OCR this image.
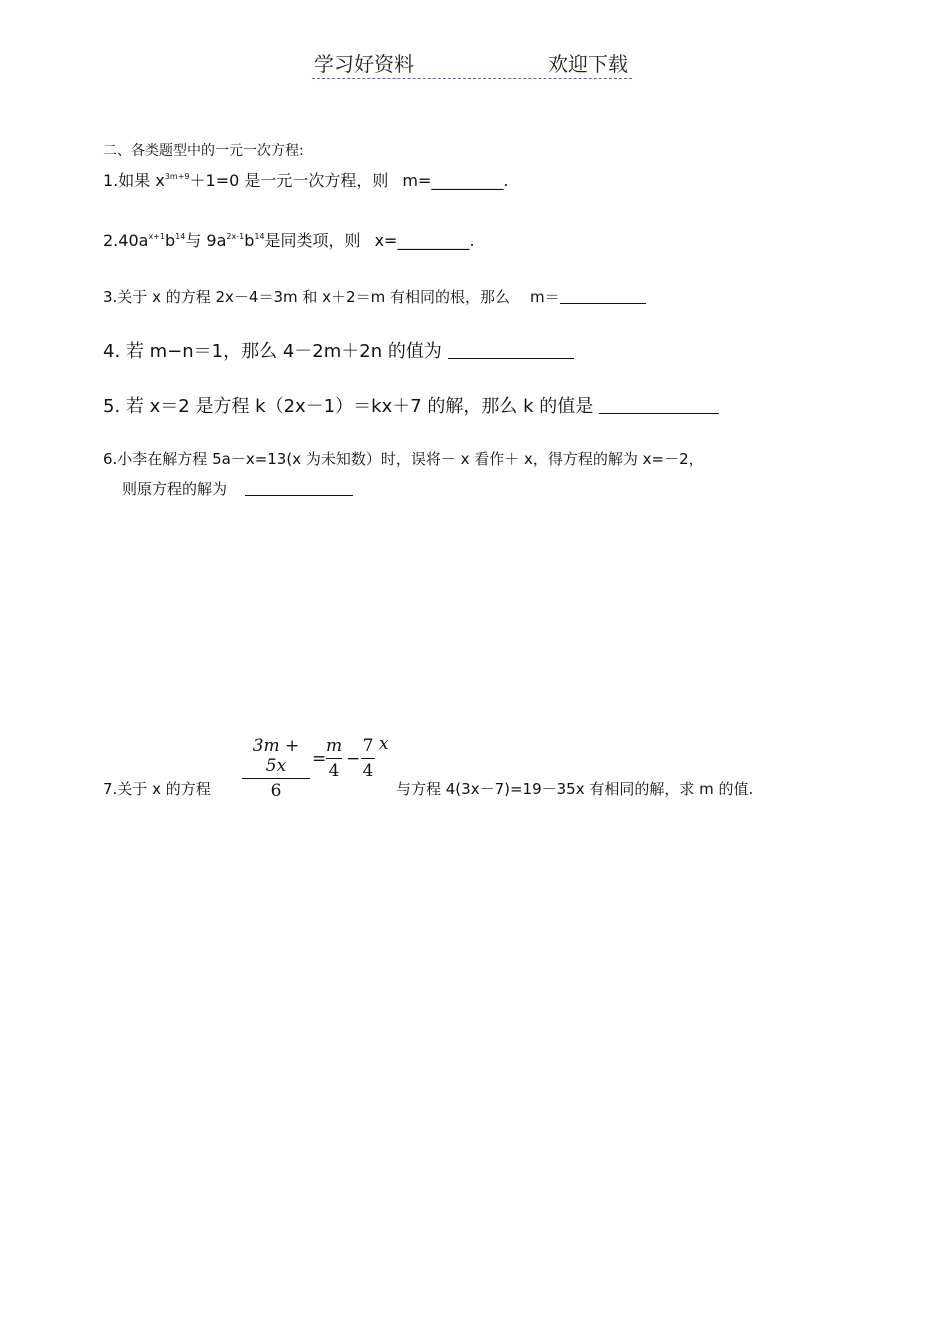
学习好资料	欢迎下载
二、各类题型中的一元一次方程:
1.如果 $x^{3m+9}+1=0$ 是一元一次方程，则 m=_________.
$2.40a^{x+1}b^{14}$与 $9a^{2x-1}b^{14}$是同类项，则 x=_________.
3.关于 x 的方程 2x－4＝3m 和 x＋2＝m 有相同的根，那么 m＝
4. 若 m−n＝1，那么 4－2m＋2n 的值为
5. 若 x＝2 是方程 k（2x－1）＝kx＋7 的解，那么 k 的值是
6.小李在解方程 5a－x=13(x 为未知数）时，误将－ x 看作＋ x，得方程的解为 x=－2，
则原方程的解为
7.关于 x 的方程
3m + 5x
6
=
m
4
−
7
4
x
与方程 4(3x－7)=19－35x 有相同的解，求 m 的值.
